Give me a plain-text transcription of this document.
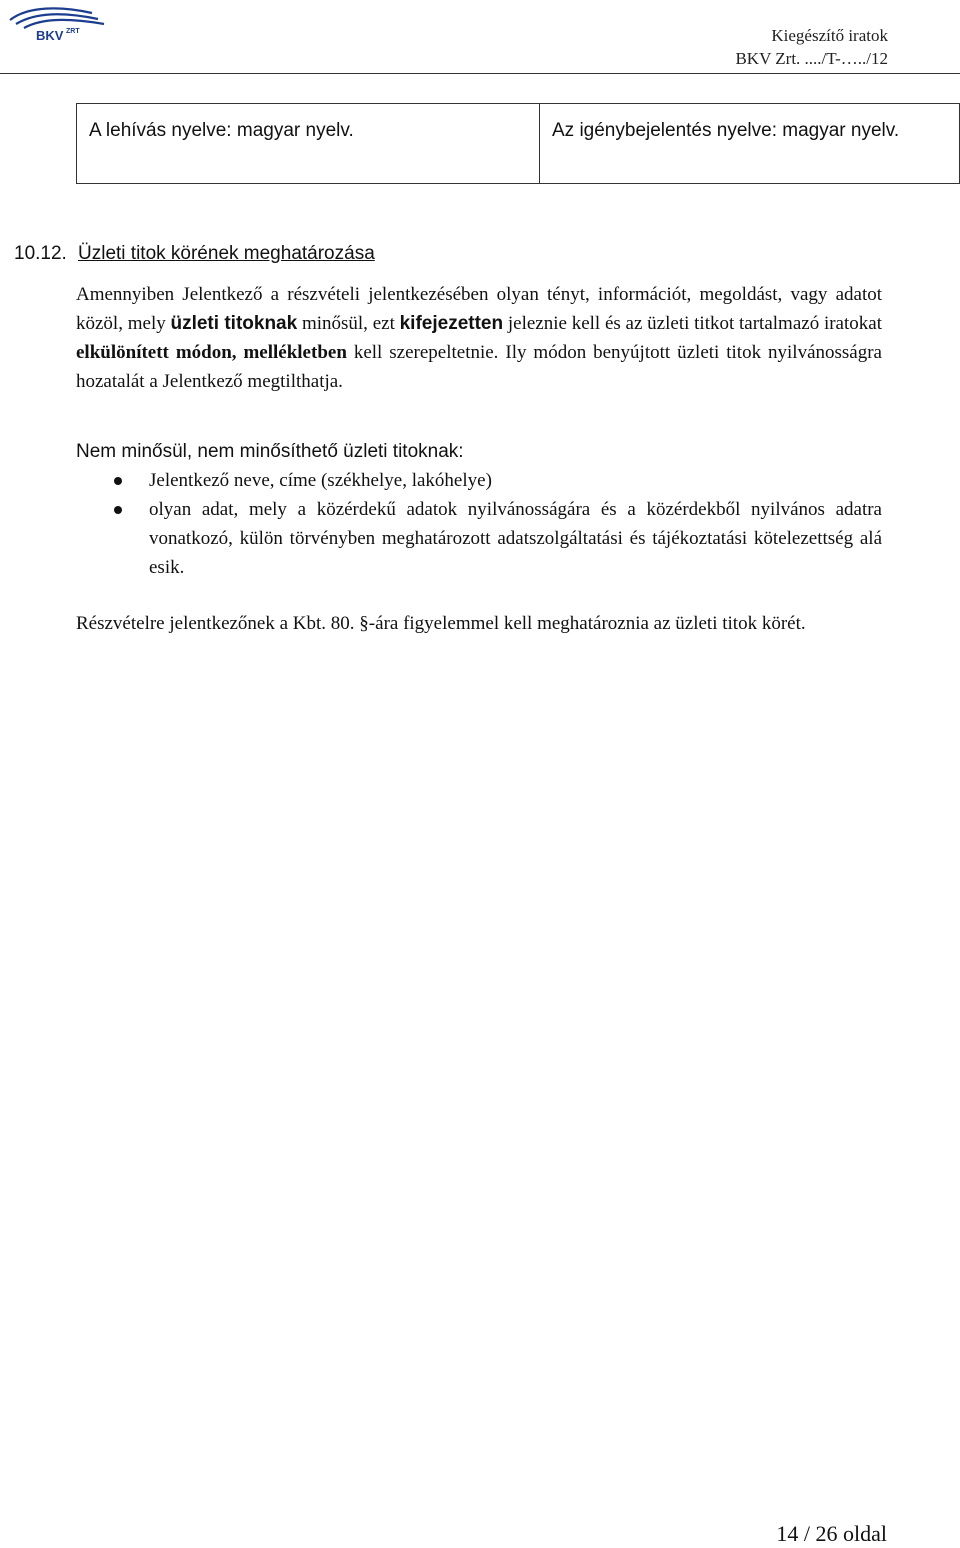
BKV ZRT	Kiegészítő iratok
BKV Zrt. ..../T-…../12
A lehívás nyelve: magyar nyelv.	Az igénybejelentés nyelve: magyar nyelv.
10.12. Üzleti titok körének meghatározása

Amennyiben Jelentkező a részvételi jelentkezésében olyan tényt, információt, megoldást, vagy adatot közöl, mely üzleti titoknak minősül, ezt kifejezetten jeleznie kell és az üzleti titkot tartalmazó iratokat elkülönített módon, mellékletben kell szerepeltetnie. Ily módon benyújtott üzleti titok nyilvánosságra hozatalát a Jelentkező megtilthatja.

Nem minősül, nem minősíthető üzleti titoknak:
Jelentkező neve, címe (székhelye, lakóhelye)
olyan adat, mely a közérdekű adatok nyilvánosságára és a közérdekből nyilvános adatra vonatkozó, külön törvényben meghatározott adatszolgáltatási és tájékoztatási kötelezettség alá esik.

Részvételre jelentkezőnek a Kbt. 80. §-ára figyelemmel kell meghatároznia az üzleti titok körét.

14 / 26 oldal
